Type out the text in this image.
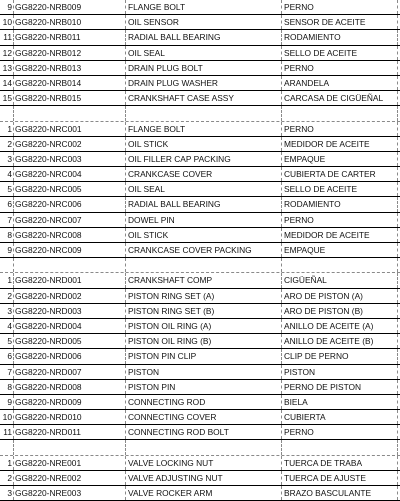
9 GG8220-NRB009	FLANGE BOLT	PERNO
10 GG8220-NRB010	OIL SENSOR	SENSOR DE ACEITE
11 GG8220-NRB011	RADIAL BALL BEARING	RODAMIENTO
12 GG8220-NRB012	OIL SEAL	SELLO DE ACEITE
13 GG8220-NRB013	DRAIN PLUG BOLT	PERNO
14 GG8220-NRB014	DRAIN PLUG WASHER	ARANDELA
15 GG8220-NRB015	CRANKSHAFT CASE ASSY	CARCASA DE CIGÜEÑAL
1 GG8220-NRC001	FLANGE BOLT	PERNO
2 GG8220-NRC002	OIL STICK	MEDIDOR DE ACEITE
3 GG8220-NRC003	OIL FILLER CAP PACKING	EMPAQUE
4 GG8220-NRC004	CRANKCASE COVER	CUBIERTA DE CARTER
5 GG8220-NRC005	OIL SEAL	SELLO DE ACEITE
6 GG8220-NRC006	RADIAL BALL BEARING	RODAMIENTO
7 GG8220-NRC007	DOWEL PIN	PERNO
8 GG8220-NRC008	OIL STICK	MEDIDOR DE ACEITE
9 GG8220-NRC009	CRANKCASE COVER PACKING	EMPAQUE
1 GG8220-NRD001	CRANKSHAFT COMP	CIGÜEÑAL
2 GG8220-NRD002	PISTON RING SET (A)	ARO DE PISTON (A)
3 GG8220-NRD003	PISTON RING SET (B)	ARO DE PISTON (B)
4 GG8220-NRD004	PISTON OIL RING (A)	ANILLO DE ACEITE (A)
5 GG8220-NRD005	PISTON OIL RING (B)	ANILLO DE ACEITE (B)
6 GG8220-NRD006	PISTON PIN CLIP	CLIP DE PERNO
7 GG8220-NRD007	PISTON	PISTON
8 GG8220-NRD008	PISTON PIN	PERNO DE PISTON
9 GG8220-NRD009	CONNECTING ROD	BIELA
10 GG8220-NRD010	CONNECTING COVER	CUBIERTA
11 GG8220-NRD011	CONNECTING ROD BOLT	PERNO
1 GG8220-NRE001	VALVE LOCKING NUT	TUERCA DE TRABA
2 GG8220-NRE002	VALVE ADJUSTING NUT	TUERCA DE AJUSTE
3 GG8220-NRE003	VALVE ROCKER ARM	BRAZO BASCULANTE
